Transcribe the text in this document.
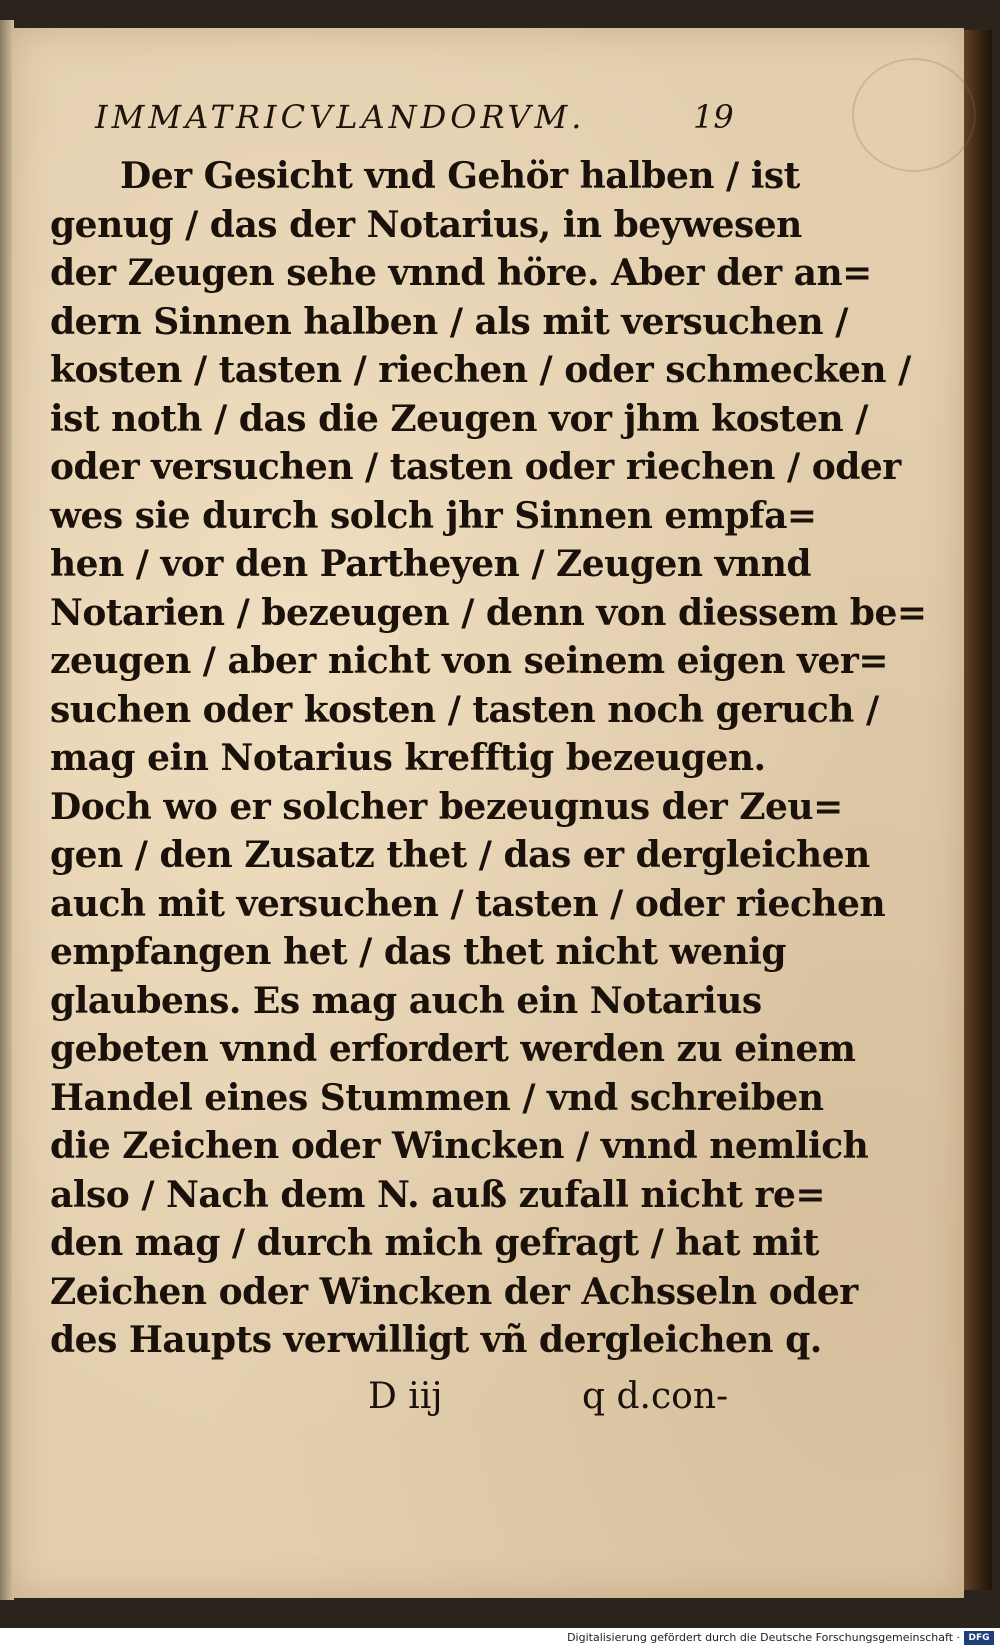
IMMATRICVLANDORVM.	19
Der Gesicht vnd Gehör halben / ist
genug / das der Notarius, in beywesen
der Zeugen sehe vnnd höre. Aber der an=
dern Sinnen halben / als mit versuchen /
kosten / tasten / riechen / oder schmecken /
ist noth / das die Zeugen vor jhm kosten /
oder versuchen / tasten oder riechen / oder
wes sie durch solch jhr Sinnen empfa=
hen / vor den Partheyen / Zeugen vnnd
Notarien / bezeugen / denn von diessem be=
zeugen / aber nicht von seinem eigen ver=
suchen oder kosten / tasten noch geruch /
mag ein Notarius krefftig bezeugen.
Doch wo er solcher bezeugnus der Zeu=
gen / den Zusatz thet / das er dergleichen
auch mit versuchen / tasten / oder riechen
empfangen het / das thet nicht wenig
glaubens. Es mag auch ein Notarius
gebeten vnnd erfordert werden zu einem
Handel eines Stummen / vnd schreiben
die Zeichen oder Wincken / vnnd nemlich
also / Nach dem N. auß zufall nicht re=
den mag / durch mich gefragt / hat mit
Zeichen oder Wincken der Achsseln oder
des Haupts verwilligt vñ dergleichen q.
D iij	q d.con-
Digitalisierung gefördert durch die Deutsche Forschungsgemeinschaft · DFG
